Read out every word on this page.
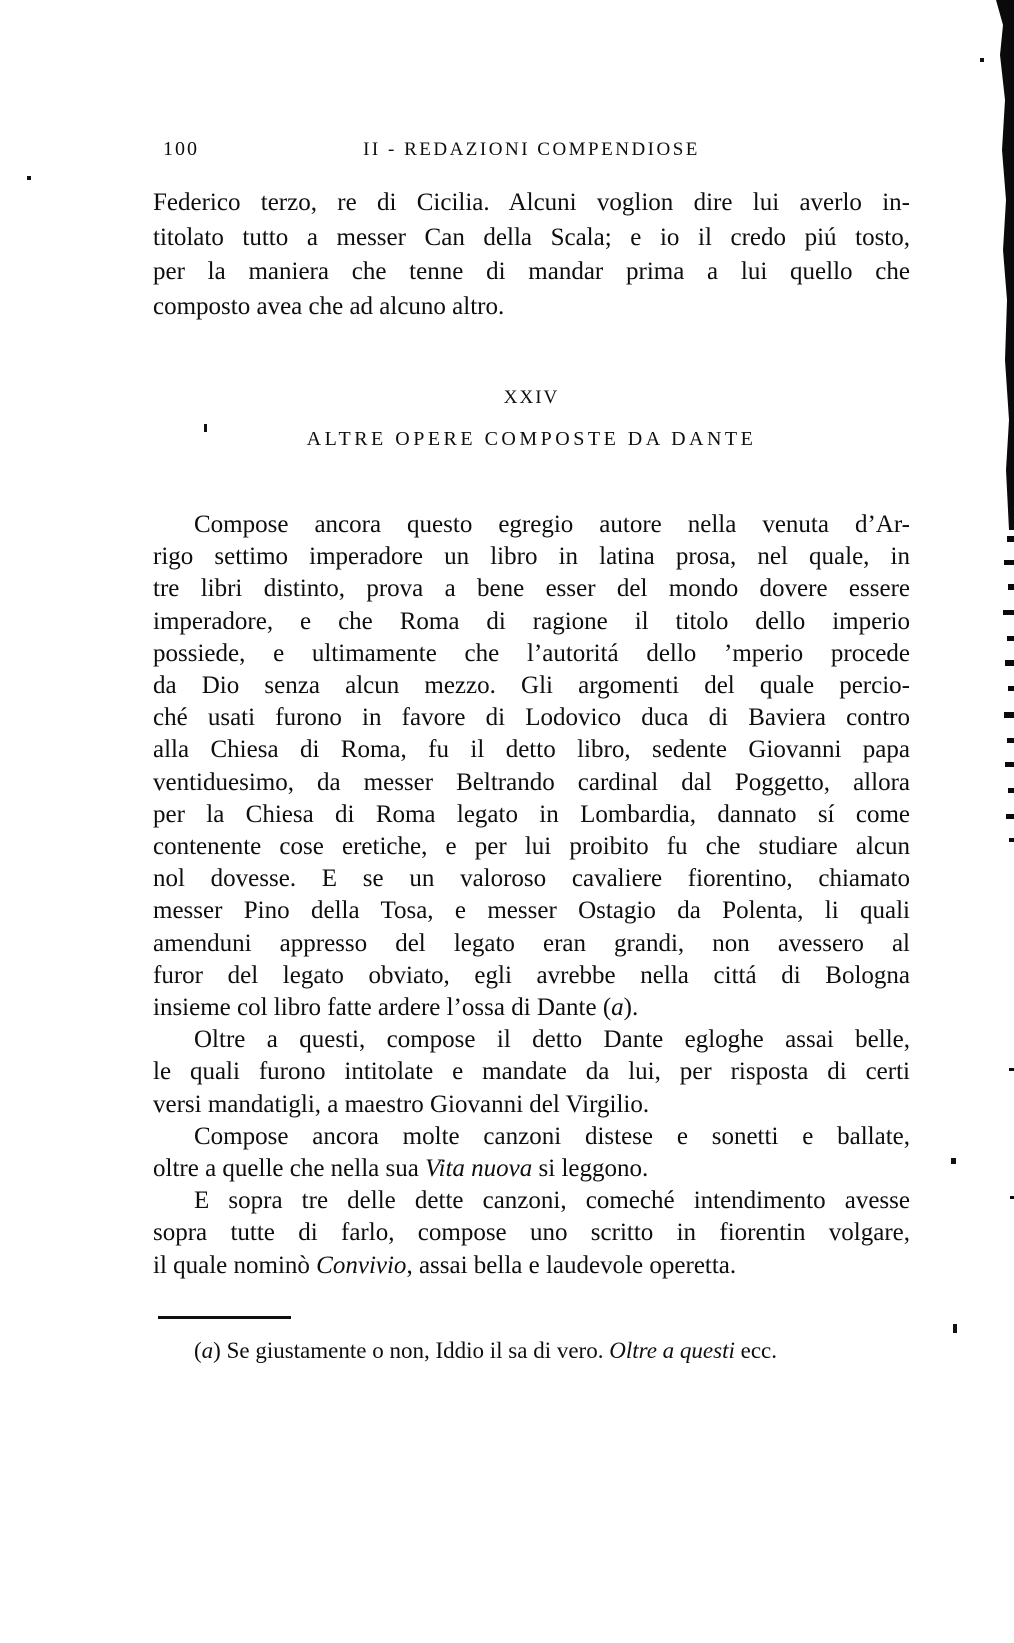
100	II - REDAZIONI COMPENDIOSE
Federico terzo, re di Cicilia. Alcuni voglion dire lui averlo in-
titolato tutto a messer Can della Scala; e io il credo piú tosto,
per la maniera che tenne di mandar prima a lui quello che
composto avea che ad alcuno altro.
XXIV
ALTRE OPERE COMPOSTE DA DANTE
Compose ancora questo egregio autore nella venuta d’Ar-
rigo settimo imperadore un libro in latina prosa, nel quale, in
tre libri distinto, prova a bene esser del mondo dovere essere
imperadore, e che Roma di ragione il titolo dello imperio
possiede, e ultimamente che l’autoritá dello ’mperio procede
da Dio senza alcun mezzo. Gli argomenti del quale percio-
ché usati furono in favore di Lodovico duca di Baviera contro
alla Chiesa di Roma, fu il detto libro, sedente Giovanni papa
ventiduesimo, da messer Beltrando cardinal dal Poggetto, allora
per la Chiesa di Roma legato in Lombardia, dannato sí come
contenente cose eretiche, e per lui proibito fu che studiare alcun
nol dovesse. E se un valoroso cavaliere fiorentino, chiamato
messer Pino della Tosa, e messer Ostagio da Polenta, li quali
amenduni appresso del legato eran grandi, non avessero al
furor del legato obviato, egli avrebbe nella cittá di Bologna
insieme col libro fatte ardere l’ossa di Dante (a).
Oltre a questi, compose il detto Dante egloghe assai belle,
le quali furono intitolate e mandate da lui, per risposta di certi
versi mandatigli, a maestro Giovanni del Virgilio.
Compose ancora molte canzoni distese e sonetti e ballate,
oltre a quelle che nella sua Vita nuova si leggono.
E sopra tre delle dette canzoni, comeché intendimento avesse
sopra tutte di farlo, compose uno scritto in fiorentin volgare,
il quale nominò Convivio, assai bella e laudevole operetta.
(a) Se giustamente o non, Iddio il sa di vero. Oltre a questi ecc.
